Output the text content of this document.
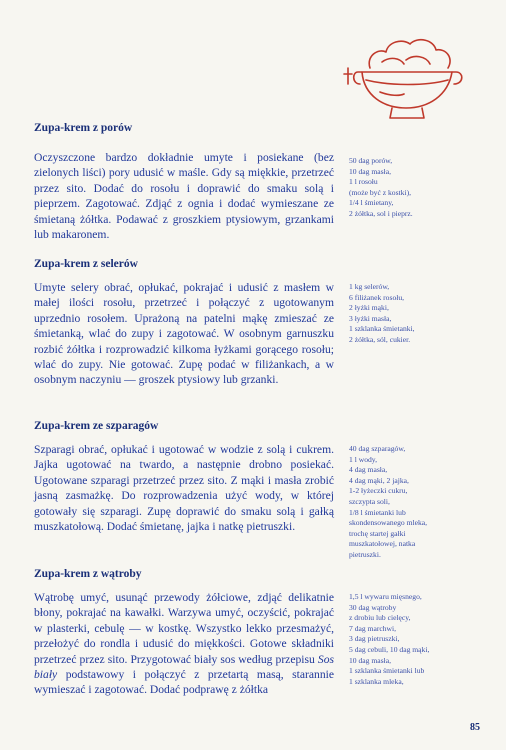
Zupa-krem z porów

Oczyszczone bardzo dokładnie umyte i posiekane (bez zielonych liści) pory udusić w maśle. Gdy są miękkie, przetrzeć przez sito. Dodać do rosołu i doprawić do smaku solą i pieprzem. Zagotować. Zdjąć z ognia i dodać wymieszane ze śmietaną żółtka. Podawać z groszkiem ptysiowym, grzankami lub makaronem.

50 dag porów,
10 dag masła,
1 l rosołu
(może być z kostki),
1/4 l śmietany,
2 żółtka, sol i pieprz.
Zupa-krem z selerów

Umyte selery obrać, opłukać, pokrajać i udusić z masłem w małej ilości rosołu, przetrzeć i połączyć z ugotowanym uprzednio rosołem. Uprażoną na patelni mąkę zmieszać ze śmietanką, wlać do zupy i zagotować. W osobnym garnuszku rozbić żółtka i rozprowadzić kilkoma łyżkami gorącego rosołu; wlać do zupy. Nie gotować. Zupę podać w filiżankach, a w osobnym naczyniu — groszek ptysiowy lub grzanki.

1 kg selerów,
6 filiżanek rosołu,
2 łyżki mąki,
3 łyżki masła,
1 szklanka śmietanki,
2 żółtka, sól, cukier.
Zupa-krem ze szparagów

Szparagi obrać, opłukać i ugotować w wodzie z solą i cukrem. Jajka ugotować na twardo, a następnie drobno posiekać. Ugotowane szparagi przetrzeć przez sito. Z mąki i masła zrobić jasną zasmażkę. Do rozprowadzenia użyć wody, w której gotowały się szparagi. Zupę doprawić do smaku solą i gałką muszkatołową. Dodać śmietanę, jajka i natkę pietruszki.

40 dag szparagów,
1 l wody,
4 dag masła,
4 dag mąki, 2 jajka,
1-2 łyżeczki cukru,
szczypta soli,
1/8 l śmietanki lub
skondensowanego mleka,
trochę startej gałki
muszkatołowej, natka
pietruszki.
Zupa-krem z wątroby

Wątrobę umyć, usunąć przewody żółciowe, zdjąć delikatnie błony, pokrajać na kawałki. Warzywa umyć, oczyścić, pokrajać w plasterki, cebulę — w kostkę. Wszystko lekko przesmażyć, przełożyć do rondla i udusić do miękkości. Gotowe składniki przetrzeć przez sito. Przygotować biały sos według przepisu Sos biały podstawowy i połączyć z przetartą masą, starannie wymieszać i zagotować. Dodać podprawę z żółtka

1,5 l wywaru mięsnego,
30 dag wątroby
z drobiu lub cielęcy,
7 dag marchwi,
3 dag pietruszki,
5 dag cebuli, 10 dag mąki,
10 dag masła,
1 szklanka śmietanki lub
1 szklanka mleka,
85
